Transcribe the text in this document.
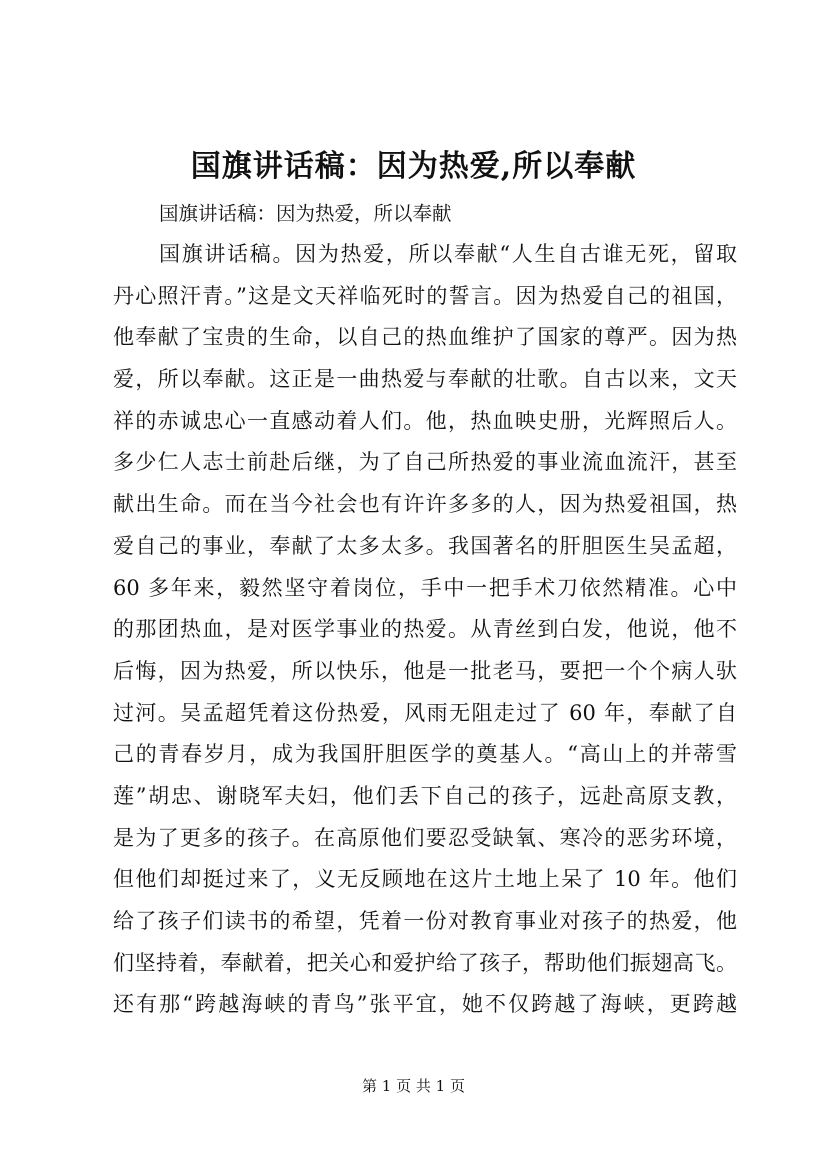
国旗讲话稿：因为热爱,所以奉献

国旗讲话稿：因为热爱，所以奉献

国旗讲话稿。因为热爱，所以奉献“人生自古谁无死，留取
丹心照汗青。”这是文天祥临死时的誓言。因为热爱自己的祖国，
他奉献了宝贵的生命，以自己的热血维护了国家的尊严。因为热
爱，所以奉献。这正是一曲热爱与奉献的壮歌。自古以来，文天
祥的赤诚忠心一直感动着人们。他，热血映史册，光辉照后人。
多少仁人志士前赴后继，为了自己所热爱的事业流血流汗，甚至
献出生命。而在当今社会也有许许多多的人，因为热爱祖国，热
爱自己的事业，奉献了太多太多。我国著名的肝胆医生吴孟超，
60 多年来，毅然坚守着岗位，手中一把手术刀依然精准。心中
的那团热血，是对医学事业的热爱。从青丝到白发，他说，他不
后悔，因为热爱，所以快乐，他是一批老马，要把一个个病人驮
过河。吴孟超凭着这份热爱，风雨无阻走过了 60 年，奉献了自
己的青春岁月，成为我国肝胆医学的奠基人。“高山上的并蒂雪
莲”胡忠、谢晓军夫妇，他们丢下自己的孩子，远赴高原支教，
是为了更多的孩子。在高原他们要忍受缺氧、寒冷的恶劣环境，
但他们却挺过来了，义无反顾地在这片土地上呆了 10 年。他们
给了孩子们读书的希望，凭着一份对教育事业对孩子的热爱，他
们坚持着，奉献着，把关心和爱护给了孩子，帮助他们振翅高飞。
还有那“跨越海峡的青鸟”张平宜，她不仅跨越了海峡，更跨越

第 1 页 共 1 页
